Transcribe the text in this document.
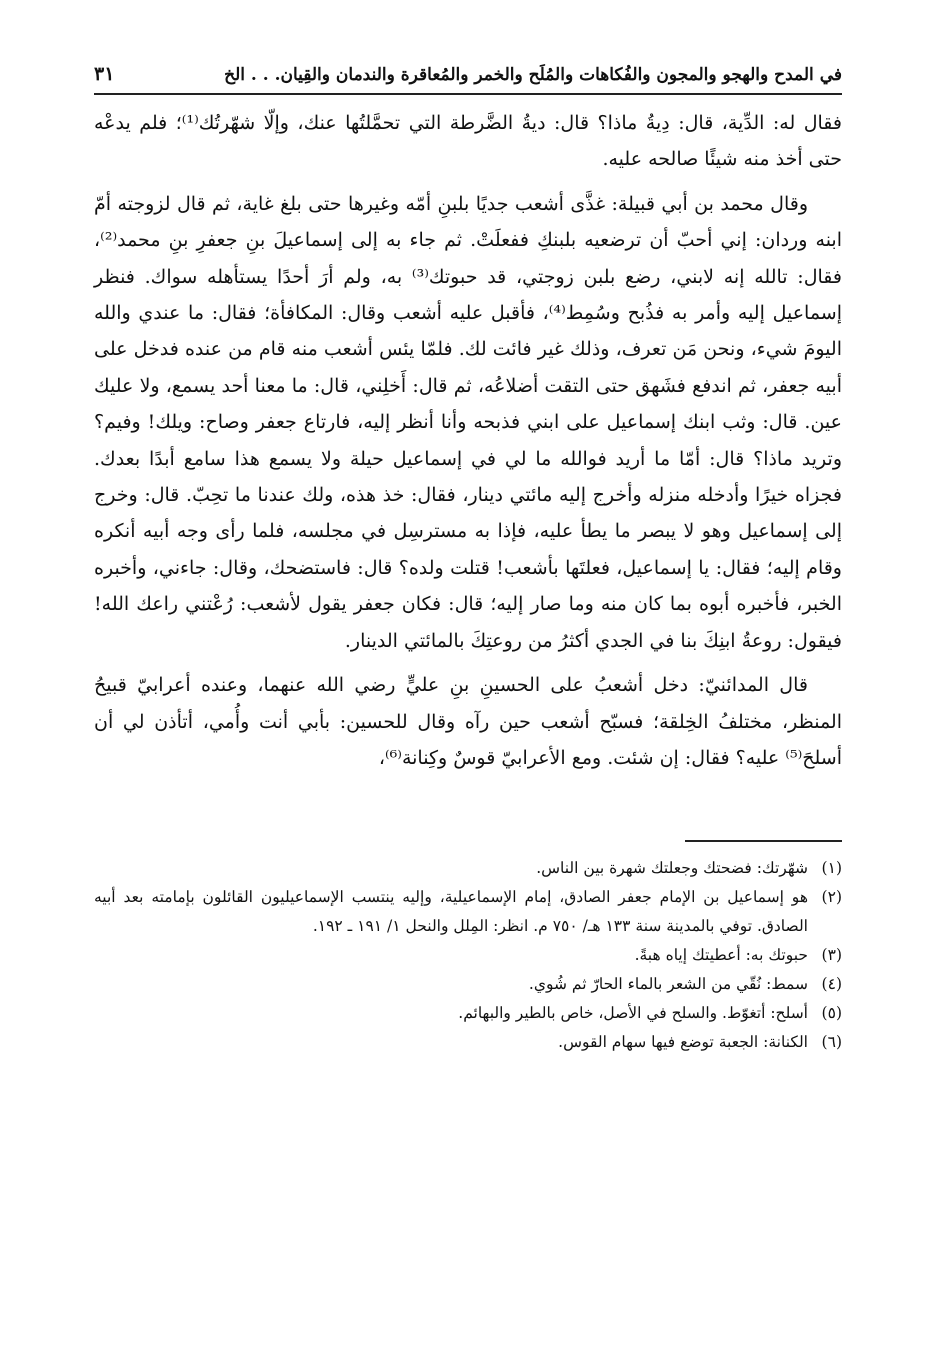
في المدح والهجو والمجون والفُكاهات والمُلَح والخمر والمُعاقرة والندمان والقِيان. . . الخ
٣١

فقال له: الدِّية، قال: دِيةُ ماذا؟ قال: ديةُ الضَّرطة التي تحمَّلتُها عنك، وإلّا شهّرتُك⁽¹⁾؛ فلم يدعْه حتى أخذ منه شيئًا صالحه عليه.

وقال محمد بن أبي قبيلة: غذَّى أشعب جديًا بلبنِ أمّه وغيرها حتى بلغ غاية، ثم قال لزوجته أمّ ابنه وردان: إني أحبّ أن ترضعيه بلبنكِ ففعلَتْ. ثم جاء به إلى إسماعيلَ بنِ جعفرِ بنِ محمد⁽²⁾، فقال: تالله إنه لابني، رضع بلبن زوجتي، قد حبوتك⁽³⁾ به، ولم أرَ أحدًا يستأهله سواك. فنظر إسماعيل إليه وأمر به فذُبح وسُمِط⁽⁴⁾، فأقبل عليه أشعب وقال: المكافأة؛ فقال: ما عندي والله اليومَ شيء، ونحن مَن تعرف، وذلك غير فائت لك. فلمّا يئس أشعب منه قام من عنده فدخل على أبيه جعفر، ثم اندفع فشَهق حتى التقت أضلاعُه، ثم قال: أَخلِني، قال: ما معنا أحد يسمع، ولا عليك عين. قال: وثب ابنك إسماعيل على ابني فذبحه وأنا أنظر إليه، فارتاع جعفر وصاح: ويلك! وفيم؟ وتريد ماذا؟ قال: أمّا ما أريد فوالله ما لي في إسماعيل حيلة ولا يسمع هذا سامع أبدًا بعدك. فجزاه خيرًا وأدخله منزله وأخرج إليه مائتي دينار، فقال: خذ هذه، ولك عندنا ما تحِبّ. قال: وخرج إلى إسماعيل وهو لا يبصر ما يطأ عليه، فإذا به مسترسِل في مجلسه، فلما رأى وجه أبيه أنكره وقام إليه؛ فقال: يا إسماعيل، فعلتَها بأشعب! قتلت ولده؟ قال: فاستضحك، وقال: جاءني، وأخبره الخبر، فأخبره أبوه بما كان منه وما صار إليه؛ قال: فكان جعفر يقول لأشعب: رُعْتني راعك الله! فيقول: روعةُ ابنِكَ بنا في الجدي أكثرُ من روعتِكَ بالمائتي الدينار.

قال المدائنيّ: دخل أشعبُ على الحسينِ بنِ عليٍّ رضي الله عنهما، وعنده أعرابيّ قبيحُ المنظر، مختلفُ الخِلقة؛ فسبّح أشعب حين رآه وقال للحسين: بأبي أنت وأُمي، أتأذن لي أن أسلحَ⁽⁵⁾ عليه؟ فقال: إن شئت. ومع الأعرابيّ قوسٌ وكِنانة⁽⁶⁾،

(١)
شهّرتك: فضحتك وجعلتك شهرة بين الناس.
(٢)
هو إسماعيل بن الإمام جعفر الصادق، إمام الإسماعيلية، وإليه ينتسب الإسماعيليون القائلون بإمامته بعد أبيه الصادق. توفي بالمدينة سنة ١٣٣ هـ/ ٧٥٠ م. انظر: المِلل والنحل ١/ ١٩١ ـ ١٩٢.
(٣)
حبوتك به: أعطيتك إياه هبةً.
(٤)
سمط: نُقّي من الشعر بالماء الحارّ ثم شُوي.
(٥)
أسلح: أتغوّط. والسلح في الأصل، خاص بالطير والبهائم.
(٦)
الكنانة: الجعبة توضع فيها سهام القوس.
